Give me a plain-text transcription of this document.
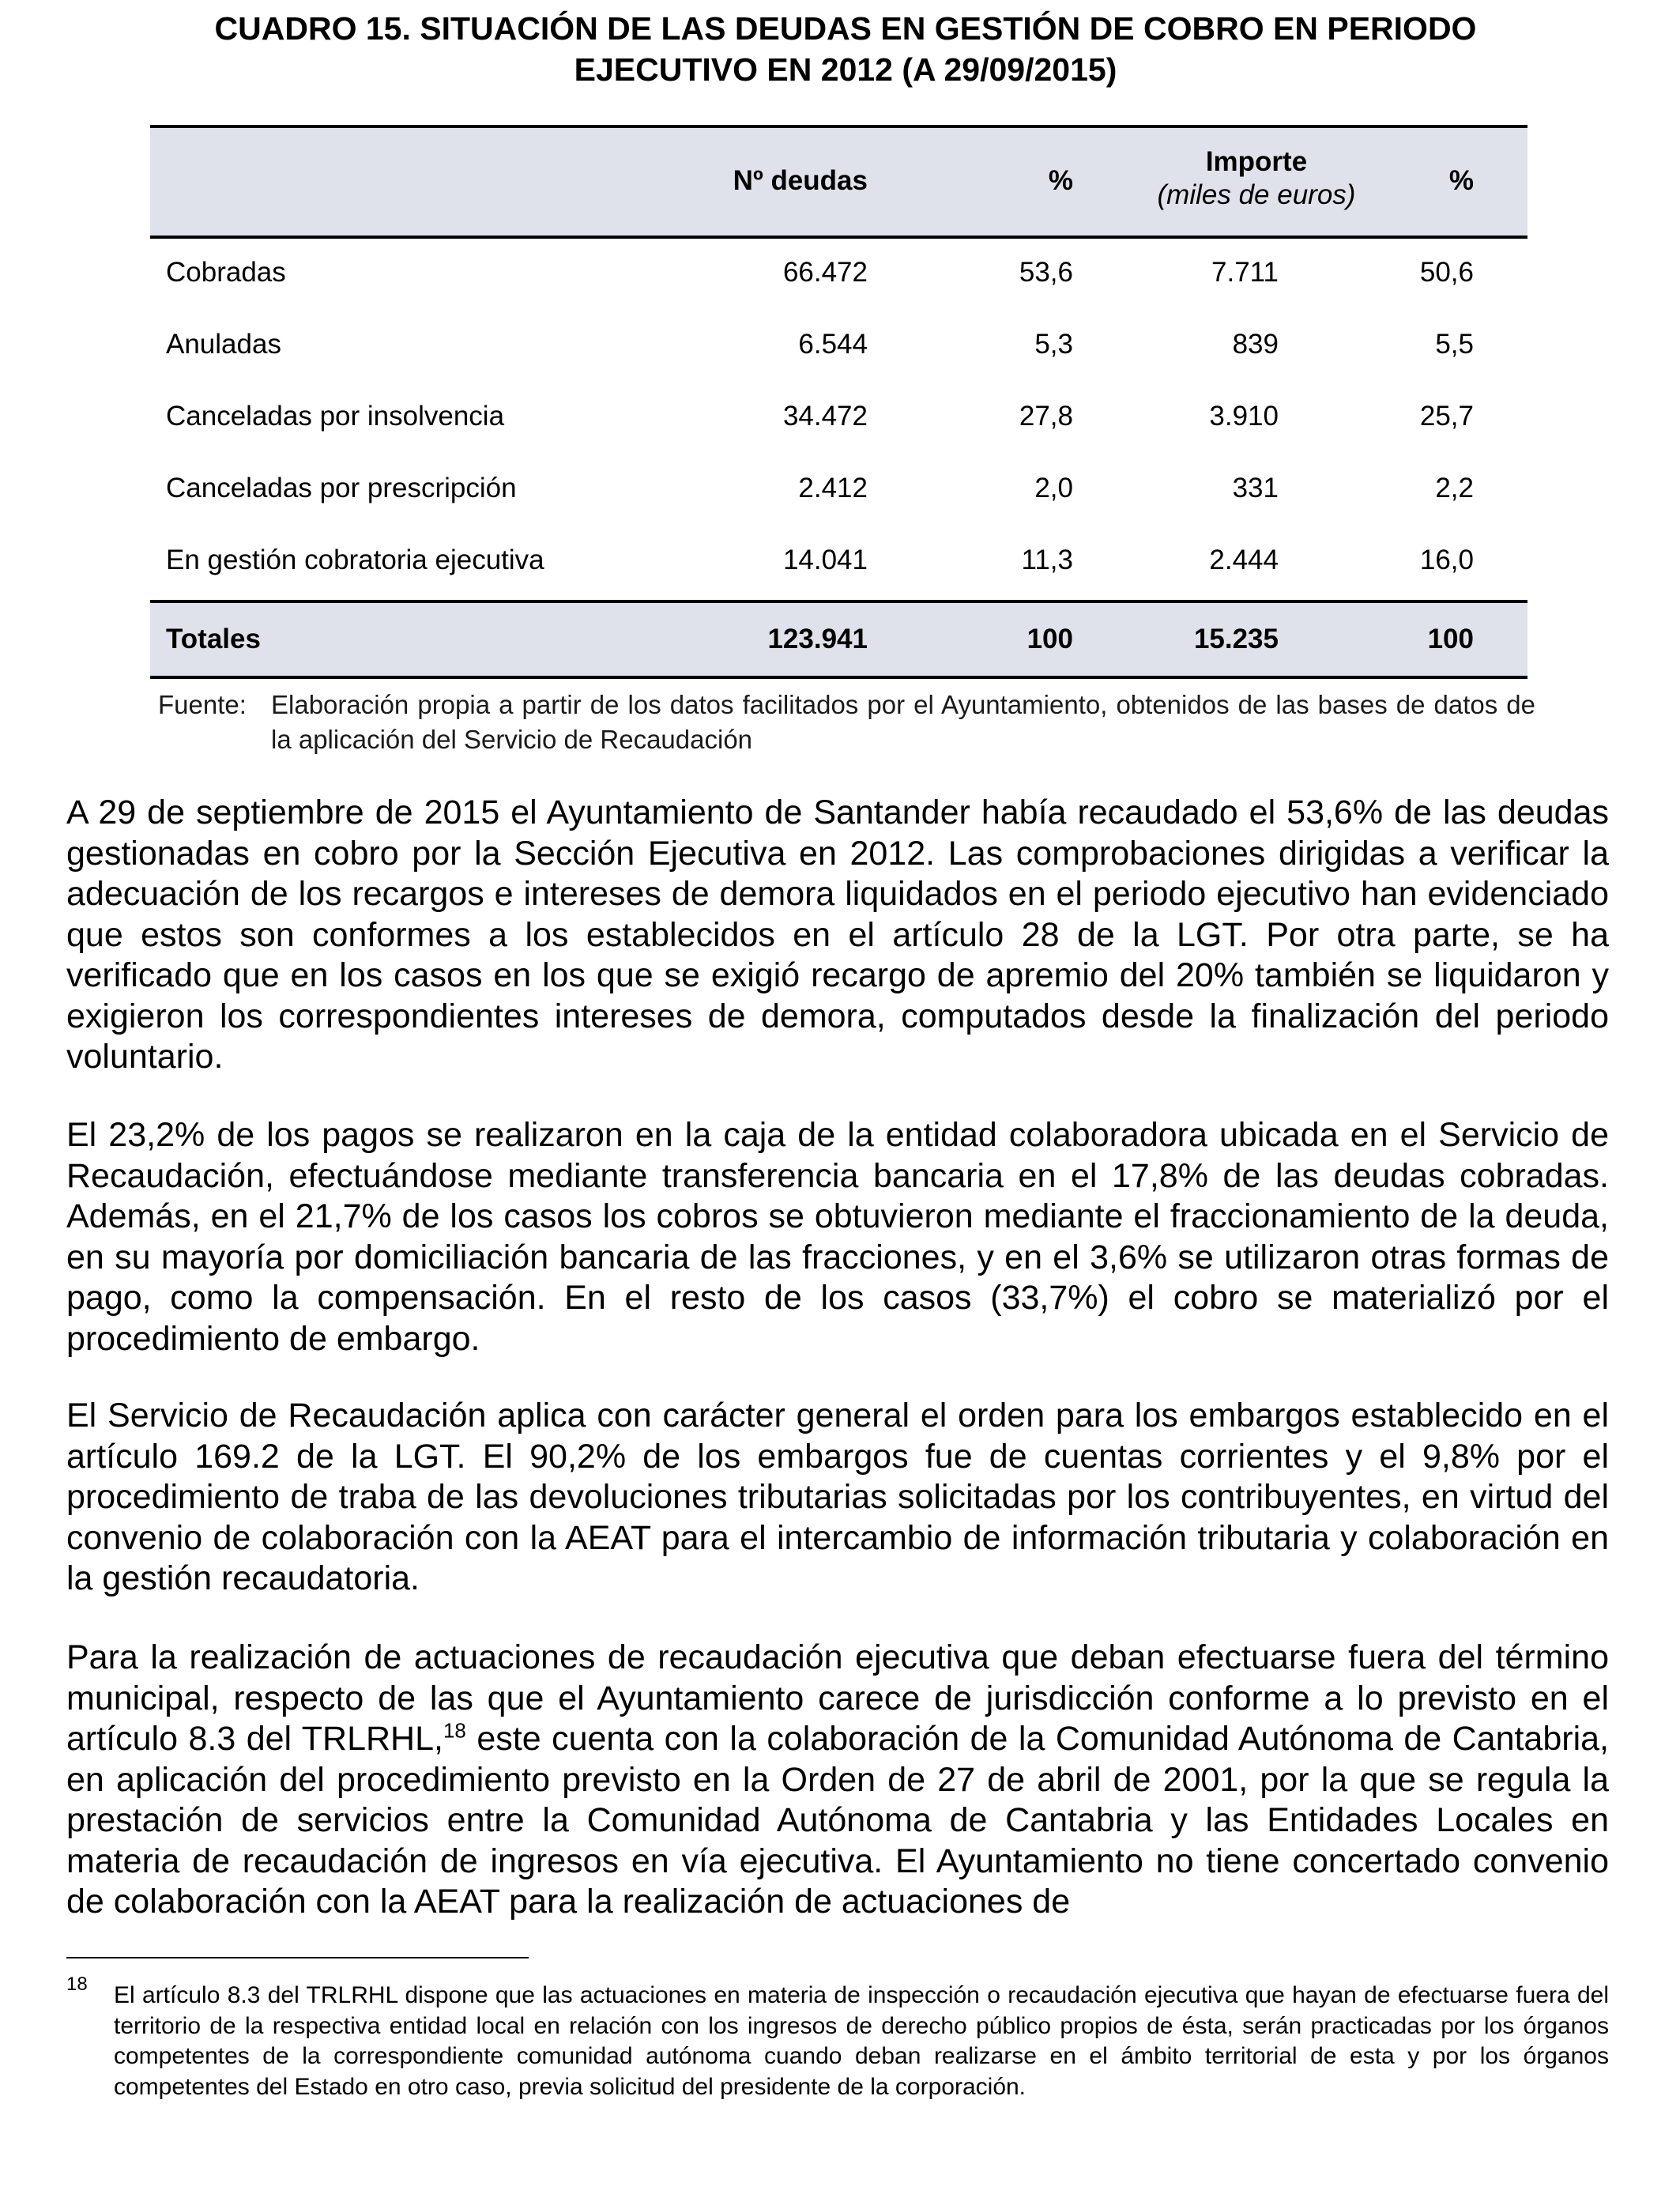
CUADRO 15. SITUACIÓN DE LAS DEUDAS EN GESTIÓN DE COBRO EN PERIODO
EJECUTIVO EN 2012 (A 29/09/2015)
Nº deudas	%
Importe
(miles de euros)	%
Cobradas	66.472	53,6	7.711	50,6
Anuladas	6.544	5,3	839	5,5
Canceladas por insolvencia	34.472	27,8	3.910	25,7
Canceladas por prescripción	2.412	2,0	331	2,2
En gestión cobratoria ejecutiva	14.041	11,3	2.444	16,0
Totales	123.941	100	15.235	100
Fuente: Elaboración propia a partir de los datos facilitados por el Ayuntamiento, obtenidos de las bases de datos de la aplicación del Servicio de Recaudación

A 29 de septiembre de 2015 el Ayuntamiento de Santander había recaudado el 53,6% de las deudas gestionadas en cobro por la Sección Ejecutiva en 2012. Las comprobaciones dirigidas a verificar la adecuación de los recargos e intereses de demora liquidados en el periodo ejecutivo han evidenciado que estos son conformes a los establecidos en el artículo 28 de la LGT. Por otra parte, se ha verificado que en los casos en los que se exigió recargo de apremio del 20% también se liquidaron y exigieron los correspondientes intereses de demora, computados desde la finalización del periodo voluntario.

El 23,2% de los pagos se realizaron en la caja de la entidad colaboradora ubicada en el Servicio de Recaudación, efectuándose mediante transferencia bancaria en el 17,8% de las deudas cobradas. Además, en el 21,7% de los casos los cobros se obtuvieron mediante el fraccionamiento de la deuda, en su mayoría por domiciliación bancaria de las fracciones, y en el 3,6% se utilizaron otras formas de pago, como la compensación. En el resto de los casos (33,7%) el cobro se materializó por el procedimiento de embargo.

El Servicio de Recaudación aplica con carácter general el orden para los embargos establecido en el artículo 169.2 de la LGT. El 90,2% de los embargos fue de cuentas corrientes y el 9,8% por el procedimiento de traba de las devoluciones tributarias solicitadas por los contribuyentes, en virtud del convenio de colaboración con la AEAT para el intercambio de información tributaria y colaboración en la gestión recaudatoria.

Para la realización de actuaciones de recaudación ejecutiva que deban efectuarse fuera del término municipal, respecto de las que el Ayuntamiento carece de jurisdicción conforme a lo previsto en el artículo 8.3 del TRLRHL,$^{18}$ este cuenta con la colaboración de la Comunidad Autónoma de Cantabria, en aplicación del procedimiento previsto en la Orden de 27 de abril de 2001, por la que se regula la prestación de servicios entre la Comunidad Autónoma de Cantabria y las Entidades Locales en materia de recaudación de ingresos en vía ejecutiva. El Ayuntamiento no tiene concertado convenio de colaboración con la AEAT para la realización de actuaciones de

18 El artículo 8.3 del TRLRHL dispone que las actuaciones en materia de inspección o recaudación ejecutiva que hayan de efectuarse fuera del territorio de la respectiva entidad local en relación con los ingresos de derecho público propios de ésta, serán practicadas por los órganos competentes de la correspondiente comunidad autónoma cuando deban realizarse en el ámbito territorial de esta y por los órganos competentes del Estado en otro caso, previa solicitud del presidente de la corporación.
